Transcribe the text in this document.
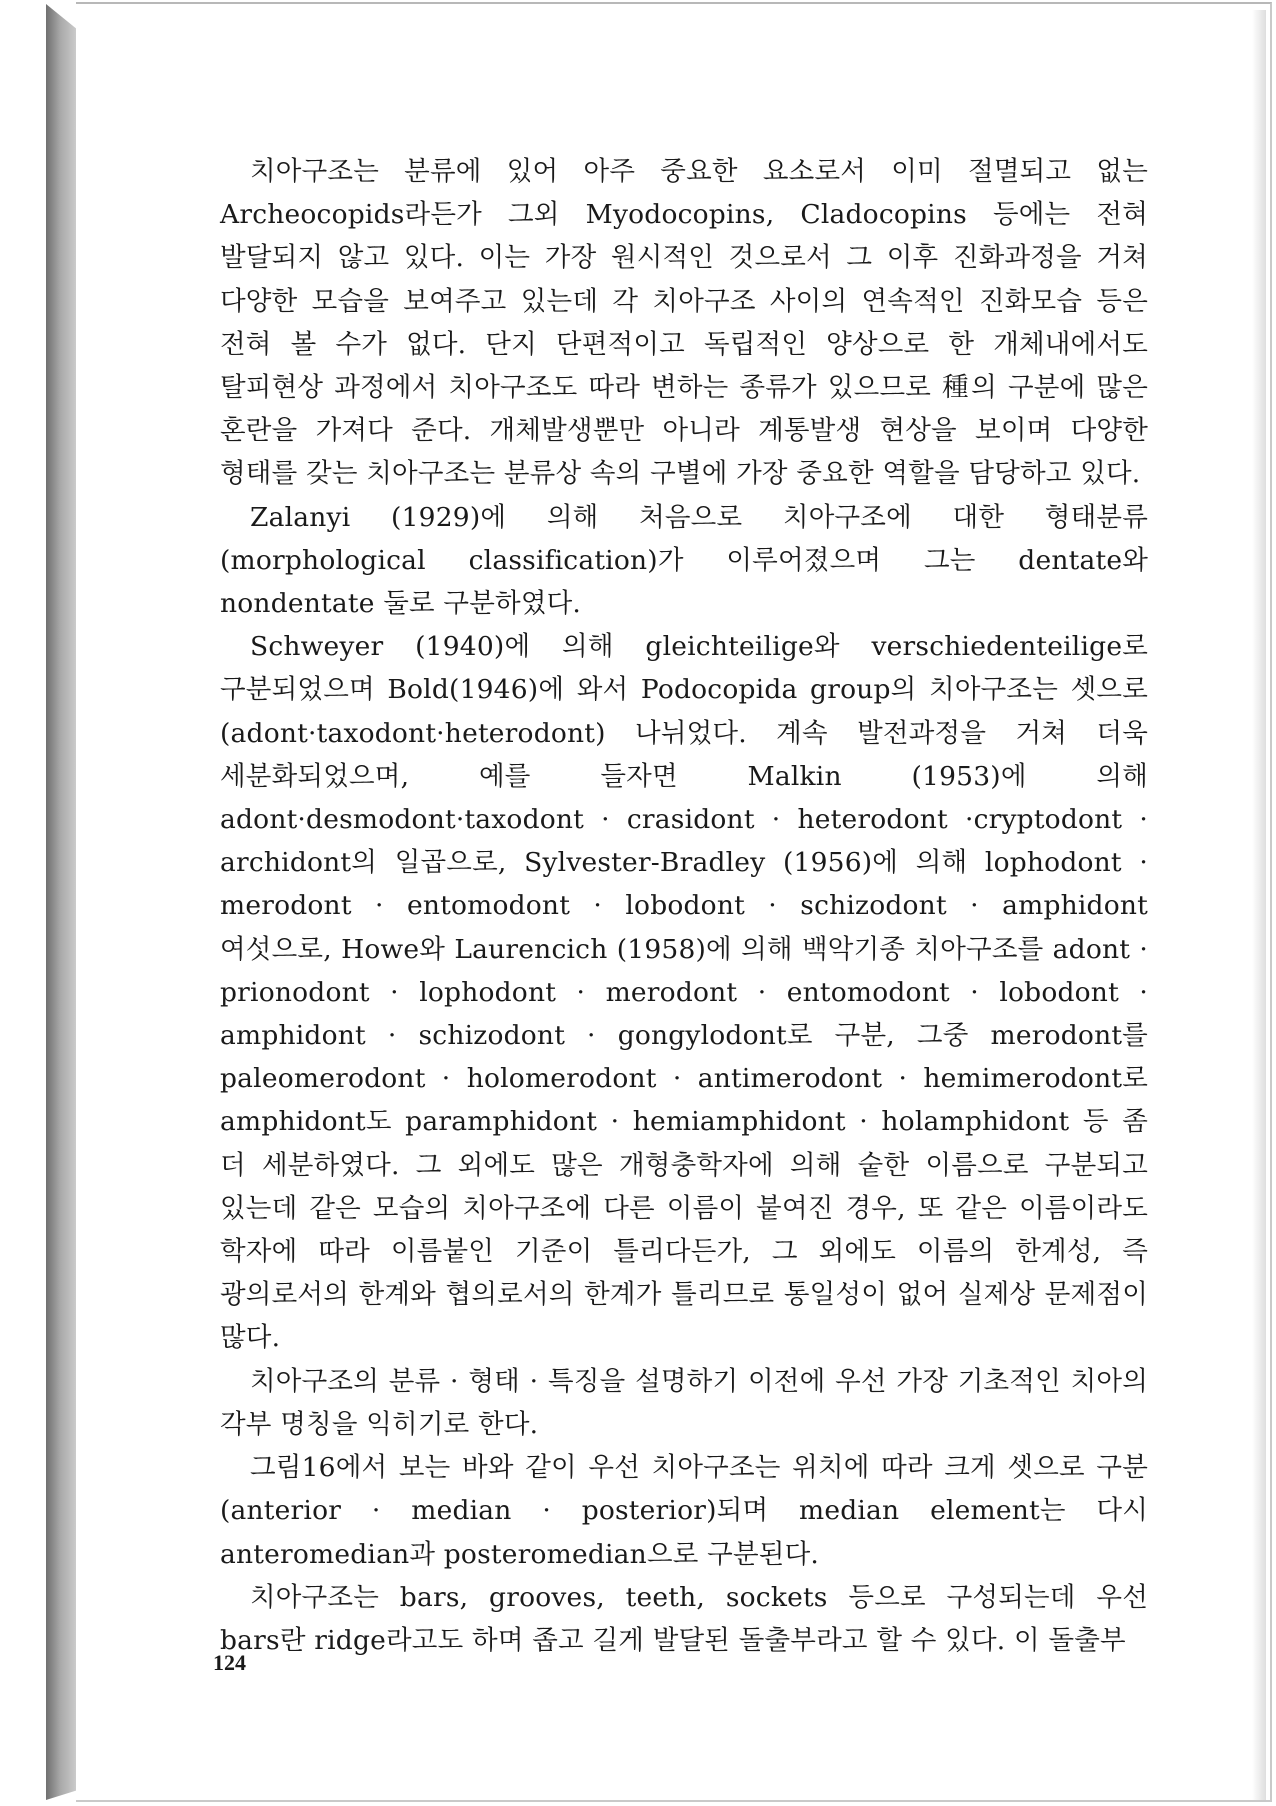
치아구조는 분류에 있어 아주 중요한 요소로서 이미 절멸되고 없는 Archeocopids라든가 그외 Myodocopins, Cladocopins 등에는 전혀 발달되지 않고 있다. 이는 가장 원시적인 것으로서 그 이후 진화과정을 거쳐 다양한 모습을 보여주고 있는데 각 치아구조 사이의 연속적인 진화모습 등은 전혀 볼 수가 없다. 단지 단편적이고 독립적인 양상으로 한 개체내에서도 탈피현상 과정에서 치아구조도 따라 변하는 종류가 있으므로 種의 구분에 많은 혼란을 가져다 준다. 개체발생뿐만 아니라 계통발생 현상을 보이며 다양한 형태를 갖는 치아구조는 분류상 속의 구별에 가장 중요한 역할을 담당하고 있다.

Zalanyi (1929)에 의해 처음으로 치아구조에 대한 형태분류(morphological classification)가 이루어졌으며 그는 dentate와 nondentate 둘로 구분하였다.

Schweyer (1940)에 의해 gleichteilige와 verschiedenteilige로 구분되었으며 Bold(1946)에 와서 Podocopida group의 치아구조는 셋으로(adont·taxodont·heterodont) 나뉘었다. 계속 발전과정을 거쳐 더욱 세분화되었으며, 예를 들자면 Malkin (1953)에 의해 adont·desmodont·taxodont · crasidont · heterodont ·cryptodont · archidont의 일곱으로, Sylvester-Bradley (1956)에 의해 lophodont · merodont · entomodont · lobodont · schizodont · amphidont 여섯으로, Howe와 Laurencich (1958)에 의해 백악기종 치아구조를 adont · prionodont · lophodont · merodont · entomodont · lobodont · amphidont · schizodont · gongylodont로 구분, 그중 merodont를 paleomerodont · holomerodont · antimerodont · hemimerodont로 amphidont도 paramphidont · hemiamphidont · holamphidont 등 좀 더 세분하였다. 그 외에도 많은 개형충학자에 의해 숱한 이름으로 구분되고 있는데 같은 모습의 치아구조에 다른 이름이 붙여진 경우, 또 같은 이름이라도 학자에 따라 이름붙인 기준이 틀리다든가, 그 외에도 이름의 한계성, 즉 광의로서의 한계와 협의로서의 한계가 틀리므로 통일성이 없어 실제상 문제점이 많다.

치아구조의 분류 · 형태 · 특징을 설명하기 이전에 우선 가장 기초적인 치아의 각부 명칭을 익히기로 한다.

그림16에서 보는 바와 같이 우선 치아구조는 위치에 따라 크게 셋으로 구분 (anterior · median · posterior)되며 median element는 다시 anteromedian과 posteromedian으로 구분된다.

치아구조는 bars, grooves, teeth, sockets 등으로 구성되는데 우선 bars란 ridge라고도 하며 좁고 길게 발달된 돌출부라고 할 수 있다. 이 돌출부

124
